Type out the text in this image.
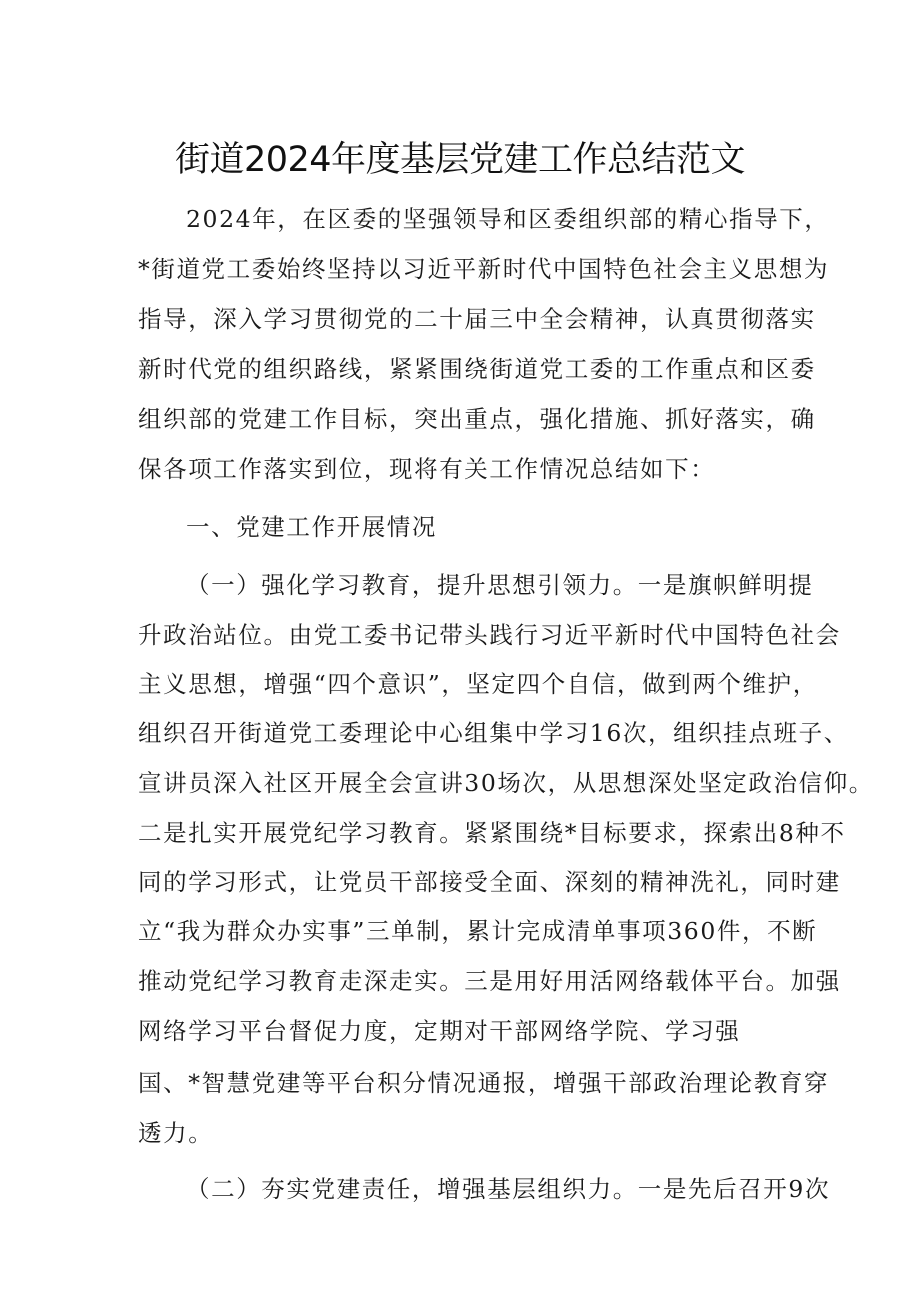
街道2024年度基层党建工作总结范文
2024年，在区委的坚强领导和区委组织部的精心指导下，
*街道党工委始终坚持以习近平新时代中国特色社会主义思想为
指导，深入学习贯彻党的二十届三中全会精神，认真贯彻落实
新时代党的组织路线，紧紧围绕街道党工委的工作重点和区委
组织部的党建工作目标，突出重点，强化措施、抓好落实，确
保各项工作落实到位，现将有关工作情况总结如下：
一、党建工作开展情况
（一）强化学习教育，提升思想引领力。一是旗帜鲜明提
升政治站位。由党工委书记带头践行习近平新时代中国特色社会
主义思想，增强“四个意识”，坚定四个自信，做到两个维护，
组织召开街道党工委理论中心组集中学习16次，组织挂点班子、
宣讲员深入社区开展全会宣讲30场次，从思想深处坚定政治信仰。
二是扎实开展党纪学习教育。紧紧围绕*目标要求，探索出8种不
同的学习形式，让党员干部接受全面、深刻的精神洗礼，同时建
立“我为群众办实事”三单制，累计完成清单事项360件，不断
推动党纪学习教育走深走实。三是用好用活网络载体平台。加强
网络学习平台督促力度，定期对干部网络学院、学习强
国、*智慧党建等平台积分情况通报，增强干部政治理论教育穿
透力。
（二）夯实党建责任，增强基层组织力。一是先后召开9次
